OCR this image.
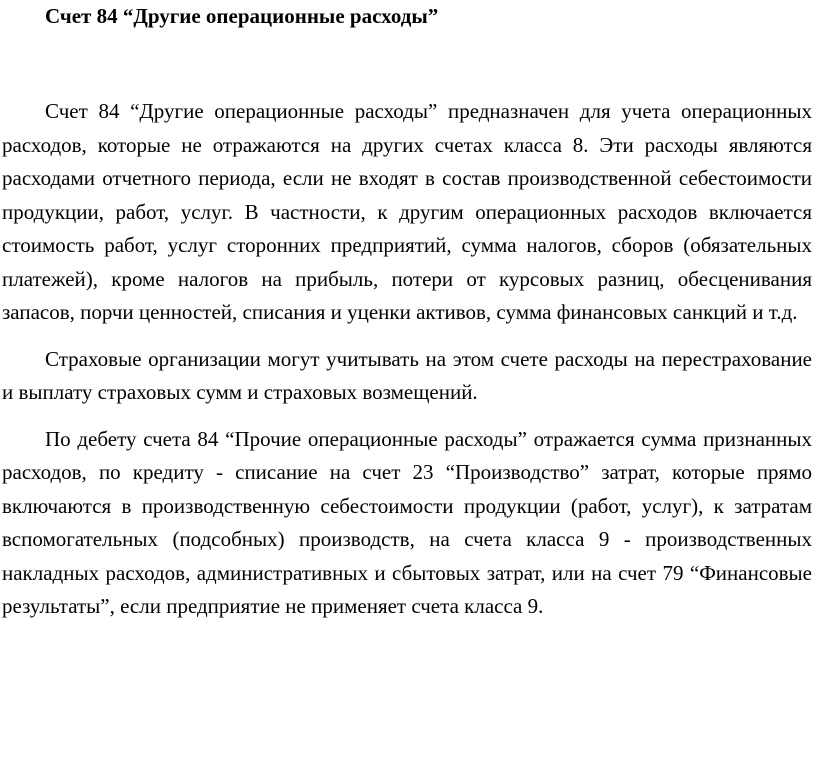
Счет 84 “Другие операционные расходы”

Счет 84 “Другие операционные расходы” предназначен для учета операционных расходов, которые не отражаются на других счетах класса 8. Эти расходы являются расходами отчетного периода, если не входят в состав производственной себестоимости продукции, работ, услуг. В частности, к другим операционных расходов включается стоимость работ, услуг сторонних предприятий, сумма налогов, сборов (обязательных платежей), кроме налогов на прибыль, потери от курсовых разниц, обесценивания запасов, порчи ценностей, списания и уценки активов, сумма финансовых санкций и т.д.

Страховые организации могут учитывать на этом счете расходы на перестрахование и выплату страховых сумм и страховых возмещений.

По дебету счета 84 “Прочие операционные расходы” отражается сумма признанных расходов, по кредиту - списание на счет 23 “Производство” затрат, которые прямо включаются в производственную себестоимости продукции (работ, услуг), к затратам вспомогательных (подсобных) производств, на счета класса 9 - производственных накладных расходов, административных и сбытовых затрат, или на счет 79 “Финансовые результаты”, если предприятие не применяет счета класса 9.
